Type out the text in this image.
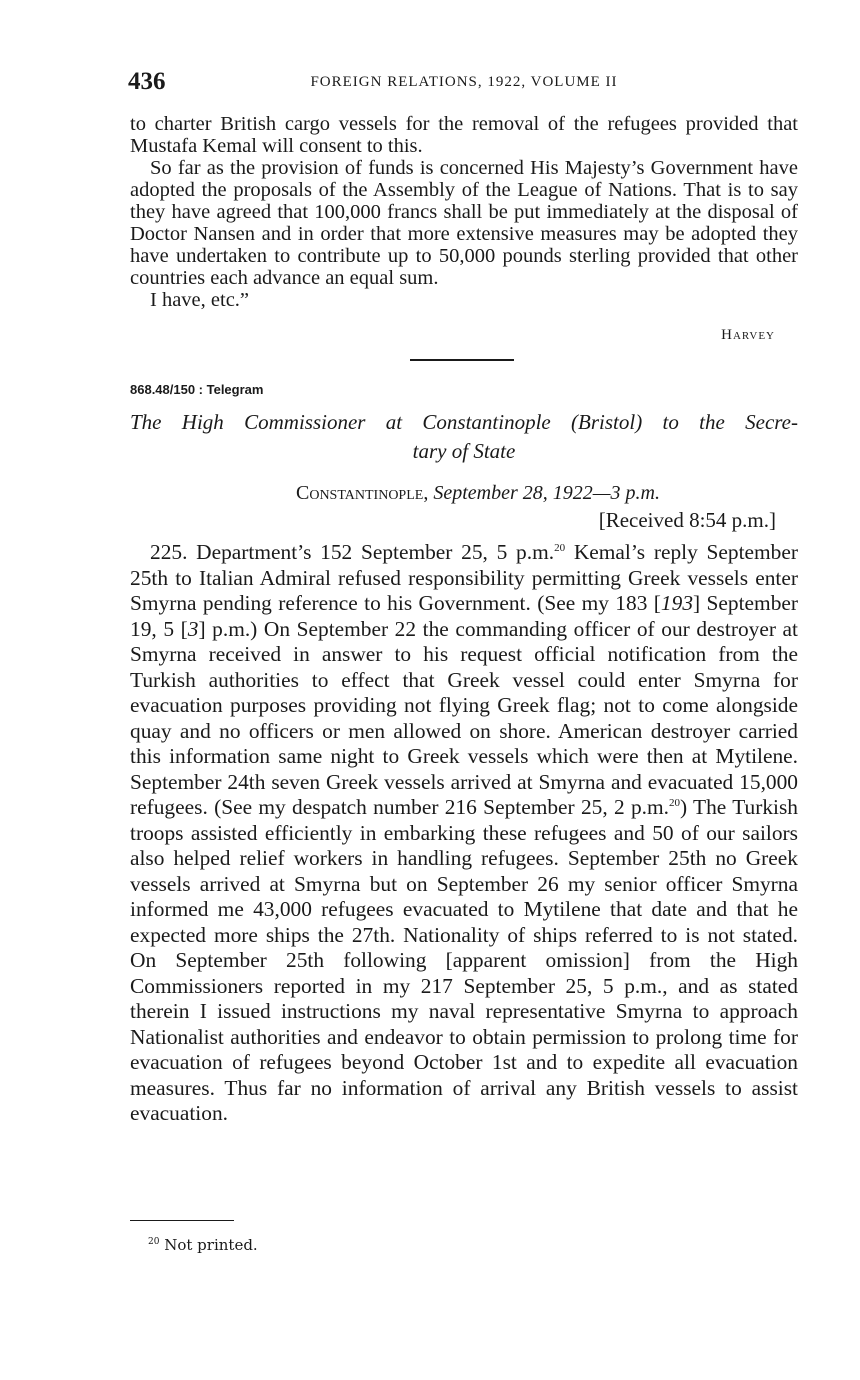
436	FOREIGN RELATIONS, 1922, VOLUME II

to charter British cargo vessels for the removal of the refugees provided that Mustafa Kemal will consent to this.

So far as the provision of funds is concerned His Majesty’s Government have adopted the proposals of the Assembly of the League of Nations. That is to say they have agreed that 100,000 francs shall be put immediately at the disposal of Doctor Nansen and in order that more extensive measures may be adopted they have undertaken to contribute up to 50,000 pounds sterling provided that other countries each advance an equal sum.

I have, etc.”

Harvey
868.48/150 : Telegram
The High Commissioner at Constantinople (Bristol) to the Secre-
tary of State
Constantinople, September 28, 1922—3 p.m.
[Received 8:54 p.m.]

225. Department’s 152 September 25, 5 p.m.$^{20}$ Kemal’s reply September 25th to Italian Admiral refused responsibility permitting Greek vessels enter Smyrna pending reference to his Government. (See my 183 [193] September 19, 5 [3] p.m.) On September 22 the commanding officer of our destroyer at Smyrna received in answer to his request official notification from the Turkish authorities to effect that Greek vessel could enter Smyrna for evacuation purposes providing not flying Greek flag; not to come alongside quay and no officers or men allowed on shore. American destroyer carried this information same night to Greek vessels which were then at Mytilene. September 24th seven Greek vessels arrived at Smyrna and evacuated 15,000 refugees. (See my despatch number 216 September 25, 2 p.m.$^{20}$) The Turkish troops assisted efficiently in embarking these refugees and 50 of our sailors also helped relief workers in handling refugees. September 25th no Greek vessels arrived at Smyrna but on September 26 my senior officer Smyrna informed me 43,000 refugees evacuated to Mytilene that date and that he expected more ships the 27th. Nationality of ships referred to is not stated. On September 25th following [apparent omission] from the High Commissioners reported in my 217 September 25, 5 p.m., and as stated therein I issued instructions my naval representative Smyrna to approach Nationalist authorities and endeavor to obtain permission to prolong time for evacuation of refugees beyond October 1st and to expedite all evacuation measures. Thus far no information of arrival any British vessels to assist evacuation.

$^{20}$ Not printed.
